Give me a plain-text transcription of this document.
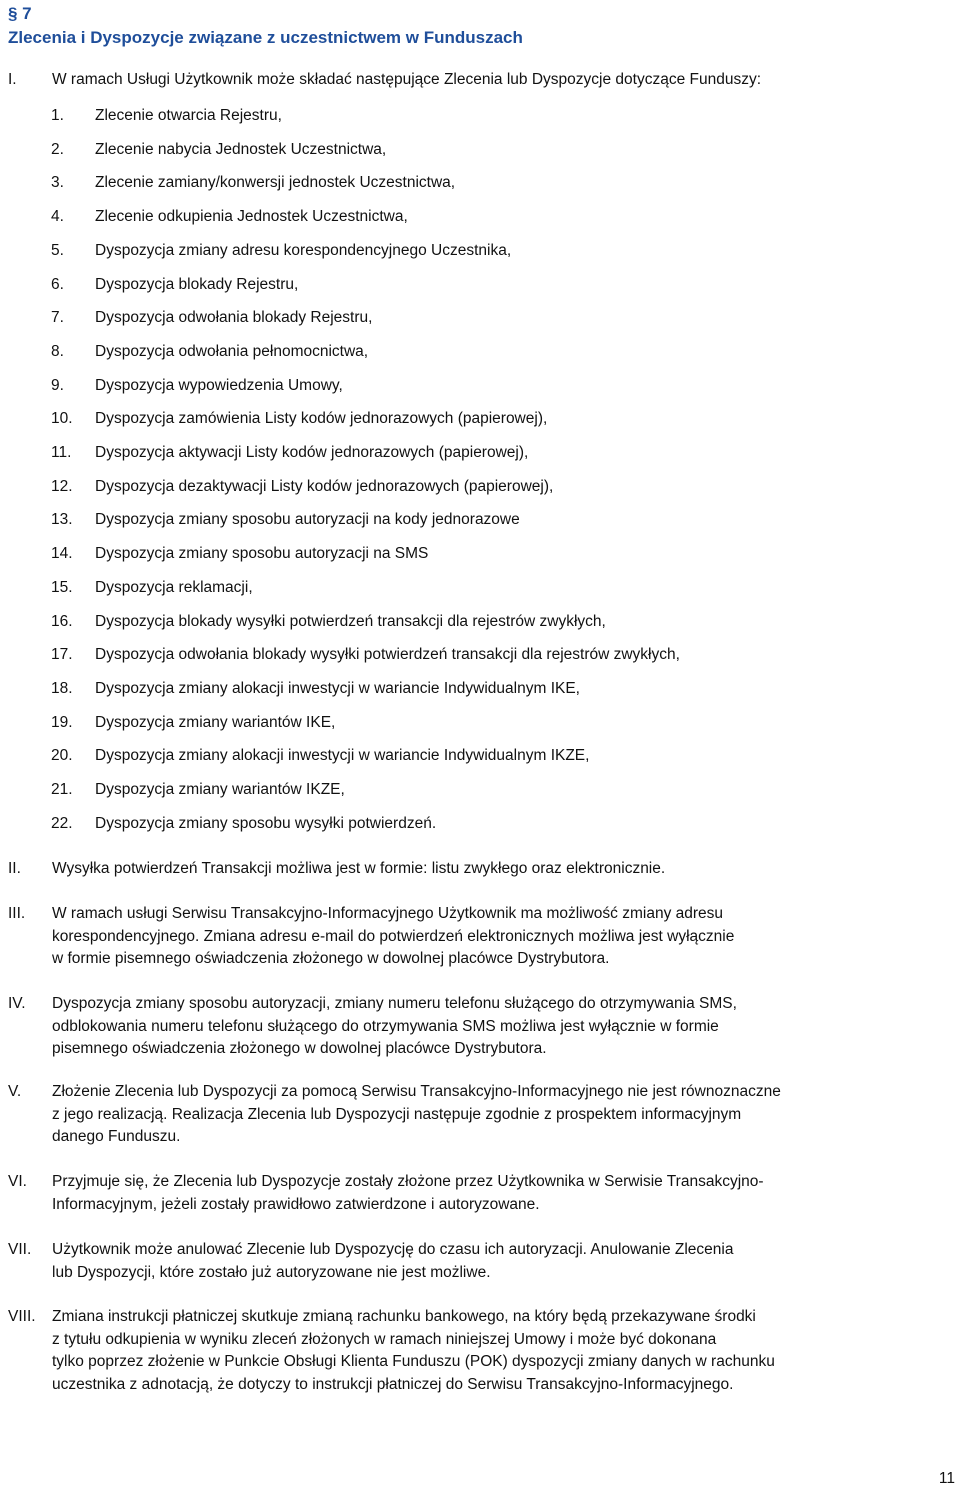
§ 7
Zlecenia i Dyspozycje związane z uczestnictwem w Funduszach
I. W ramach Usługi Użytkownik może składać następujące Zlecenia lub Dyspozycje dotyczące Funduszy:
1. Zlecenie otwarcia Rejestru,
2. Zlecenie nabycia Jednostek Uczestnictwa,
3. Zlecenie zamiany/konwersji jednostek Uczestnictwa,
4. Zlecenie odkupienia Jednostek Uczestnictwa,
5. Dyspozycja zmiany adresu korespondencyjnego Uczestnika,
6. Dyspozycja blokady Rejestru,
7. Dyspozycja odwołania blokady Rejestru,
8. Dyspozycja odwołania pełnomocnictwa,
9. Dyspozycja wypowiedzenia Umowy,
10. Dyspozycja zamówienia Listy kodów jednorazowych (papierowej),
11. Dyspozycja aktywacji Listy kodów jednorazowych (papierowej),
12. Dyspozycja dezaktywacji Listy kodów jednorazowych (papierowej),
13. Dyspozycja zmiany sposobu autoryzacji na kody jednorazowe
14. Dyspozycja zmiany sposobu autoryzacji na SMS
15. Dyspozycja reklamacji,
16. Dyspozycja blokady wysyłki potwierdzeń transakcji dla rejestrów zwykłych,
17. Dyspozycja odwołania blokady wysyłki potwierdzeń transakcji dla rejestrów zwykłych,
18. Dyspozycja zmiany alokacji inwestycji w wariancie Indywidualnym IKE,
19. Dyspozycja zmiany wariantów IKE,
20. Dyspozycja zmiany alokacji inwestycji w wariancie Indywidualnym IKZE,
21. Dyspozycja zmiany wariantów IKZE,
22. Dyspozycja zmiany sposobu wysyłki potwierdzeń.
II. Wysyłka potwierdzeń Transakcji możliwa jest w formie: listu zwykłego oraz elektronicznie.
III. W ramach usługi Serwisu Transakcyjno-Informacyjnego Użytkownik ma możliwość zmiany adresu
korespondencyjnego. Zmiana adresu e-mail do potwierdzeń elektronicznych możliwa jest wyłącznie
w formie pisemnego oświadczenia złożonego w dowolnej placówce Dystrybutora.
IV. Dyspozycja zmiany sposobu autoryzacji, zmiany numeru telefonu służącego do otrzymywania SMS,
odblokowania numeru telefonu służącego do otrzymywania SMS możliwa jest wyłącznie w formie
pisemnego oświadczenia złożonego w dowolnej placówce Dystrybutora.
V. Złożenie Zlecenia lub Dyspozycji za pomocą Serwisu Transakcyjno-Informacyjnego nie jest równoznaczne
z jego realizacją. Realizacja Zlecenia lub Dyspozycji następuje zgodnie z prospektem informacyjnym
danego Funduszu.
VI. Przyjmuje się, że Zlecenia lub Dyspozycje zostały złożone przez Użytkownika w Serwisie Transakcyjno-
Informacyjnym, jeżeli zostały prawidłowo zatwierdzone i autoryzowane.
VII. Użytkownik może anulować Zlecenie lub Dyspozycję do czasu ich autoryzacji. Anulowanie Zlecenia
lub Dyspozycji, które zostało już autoryzowane nie jest możliwe.
VIII. Zmiana instrukcji płatniczej skutkuje zmianą rachunku bankowego, na który będą przekazywane środki
z tytułu odkupienia w wyniku zleceń złożonych w ramach niniejszej Umowy i może być dokonana
tylko poprzez złożenie w Punkcie Obsługi Klienta Funduszu (POK) dyspozycji zmiany danych w rachunku
uczestnika z adnotacją, że dotyczy to instrukcji płatniczej do Serwisu Transakcyjno-Informacyjnego.
11
